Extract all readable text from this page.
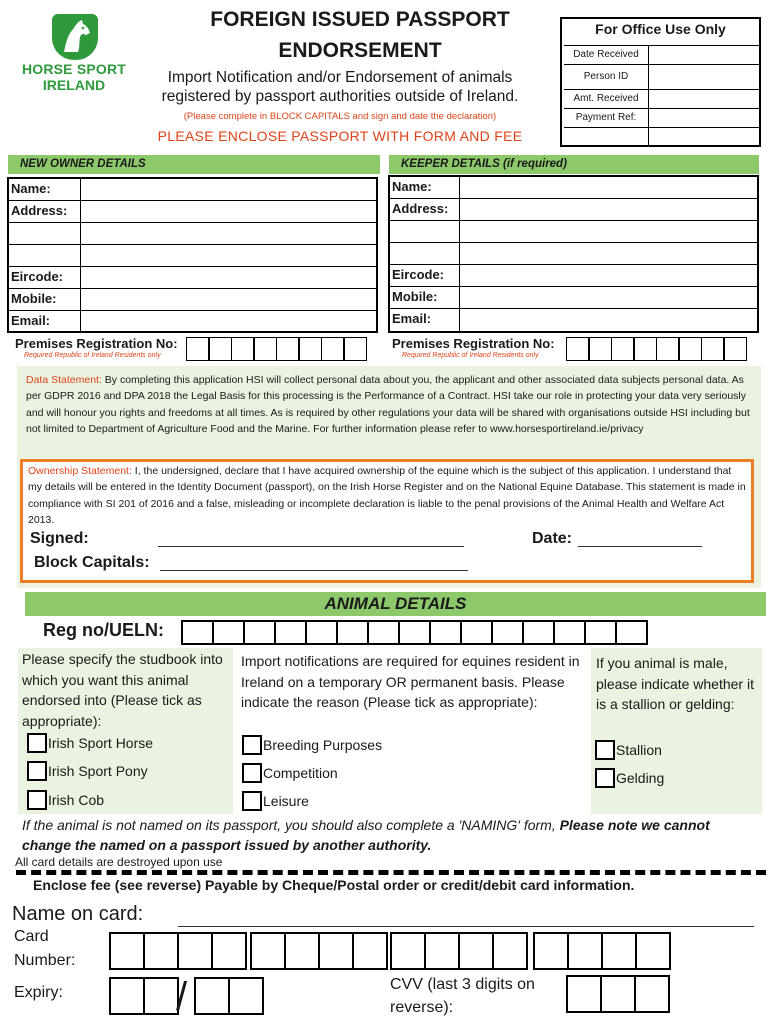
HORSE SPORT
IRELAND
FOREIGN ISSUED PASSPORT
ENDORSEMENT
Import Notification and/or Endorsement of animals
registered by passport authorities outside of Ireland.
(Please complete in BLOCK CAPITALS and sign and date the declaration)
PLEASE ENCLOSE PASSPORT WITH FORM AND FEE
For Office Use Only
Date Received
Person ID
Amt. Received
Payment Ref:
NEW OWNER DETAILS
Name:
Address:
Eircode:
Mobile:
Email:
Premises Registration No:
Required Republic of Ireland Residents only
KEEPER DETAILS (if required)
Name:
Address:
Eircode:
Mobile:
Email:
Premises Registration No:
Required Republic of Ireland Residents only
Data Statement: By completing this application HSI will collect personal data about you, the applicant and other associated data subjects personal data. As per GDPR 2016 and DPA 2018 the Legal Basis for this processing is the Performance of a Contract. HSI take our role in protecting your data very seriously and will honour you rights and freedoms at all times. As is required by other regulations your data will be shared with organisations outside HSI including but not limited to Department of Agriculture Food and the Marine. For further information please refer to www.horsesportireland.ie/privacy
Ownership Statement: I, the undersigned, declare that I have acquired ownership of the equine which is the subject of this application. I understand that my details will be entered in the Identity Document (passport), on the Irish Horse Register and on the National Equine Database. This statement is made in compliance with SI 201 of 2016 and a false, misleading or incomplete declaration is liable to the penal provisions of the Animal Health and Welfare Act 2013.
Signed:	Date:
Block Capitals:
ANIMAL DETAILS
Reg no/UELN:
Please specify the studbook into which you want this animal endorsed into (Please tick as appropriate):
Irish Sport Horse
Irish Sport Pony
Irish Cob
Import notifications are required for equines resident in Ireland on a temporary OR permanent basis. Please indicate the reason (Please tick as appropriate):
Breeding Purposes
Competition
Leisure
If you animal is male, please indicate whether it is a stallion or gelding:
Stallion
Gelding
If the animal is not named on its passport, you should also complete a 'NAMING' form, Please note we cannot change the named on a passport issued by another authority.
All card details are destroyed upon use
Enclose fee (see reverse) Payable by Cheque/Postal order or credit/debit card information.
Name on card:
Card
Number:
Expiry:	/	CVV (last 3 digits on
reverse):
